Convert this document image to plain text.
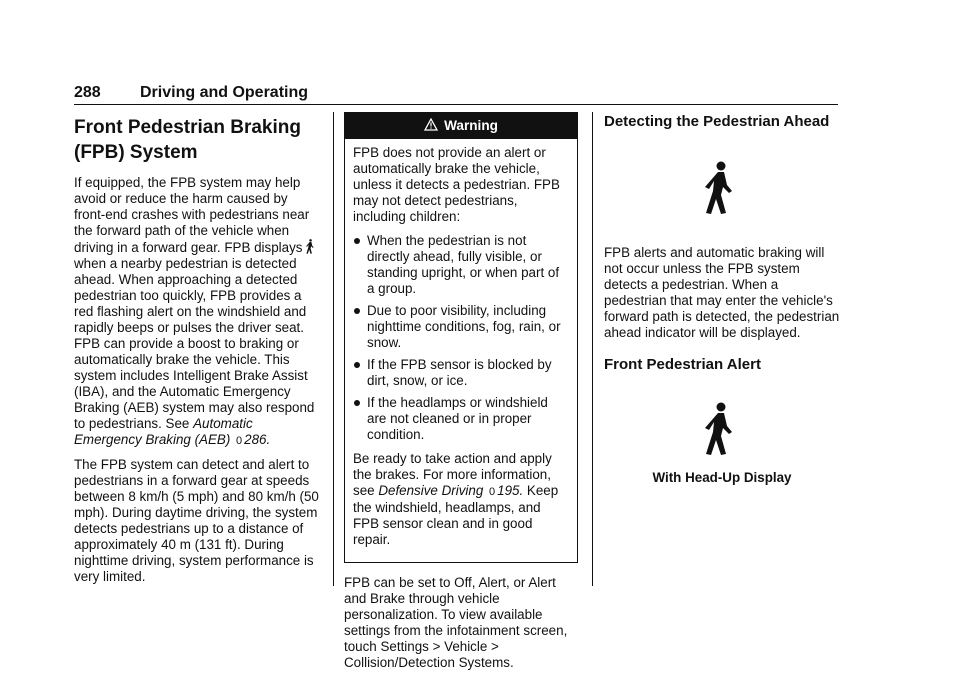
288 Driving and Operating
Front Pedestrian Braking (FPB) System

If equipped, the FPB system may help avoid or reduce the harm caused by front-end crashes with pedestrians near the forward path of the vehicle when driving in a forward gear. FPB displayswhen a nearby pedestrian is detected ahead. When approaching a detected pedestrian too quickly, FPB provides a red flashing alert on the windshield and rapidly beeps or pulses the driver seat. FPB can provide a boost to braking or automatically brake the vehicle. This system includes Intelligent Brake Assist (IBA), and the Automatic Emergency Braking (AEB) system may also respond to pedestrians. See Automatic Emergency Braking (AEB) 0 286.

The FPB system can detect and alert to pedestrians in a forward gear at speeds between 8 km/h (5 mph) and 80 km/h (50 mph). During daytime driving, the system detects pedestrians up to a distance of approximately 40 m (131 ft). During nighttime driving, system performance is very limited.

Warning

FPB does not provide an alert or automatically brake the vehicle, unless it detects a pedestrian. FPB may not detect pedestrians, including children:

When the pedestrian is not directly ahead, fully visible, or standing upright, or when part of a group.
Due to poor visibility, including nighttime conditions, fog, rain, or snow.
If the FPB sensor is blocked by dirt, snow, or ice.
If the headlamps or windshield are not cleaned or in proper condition.

Be ready to take action and apply the brakes. For more information, see Defensive Driving 0 195. Keep the windshield, headlamps, and FPB sensor clean and in good repair.

FPB can be set to Off, Alert, or Alert and Brake through vehicle personalization. To view available settings from the infotainment screen, touch Settings > Vehicle > Collision/Detection Systems.

Detecting the Pedestrian Ahead

FPB alerts and automatic braking will not occur unless the FPB system detects a pedestrian. When a pedestrian that may enter the vehicle's forward path is detected, the pedestrian ahead indicator will be displayed.

Front Pedestrian Alert
With Head-Up Display
